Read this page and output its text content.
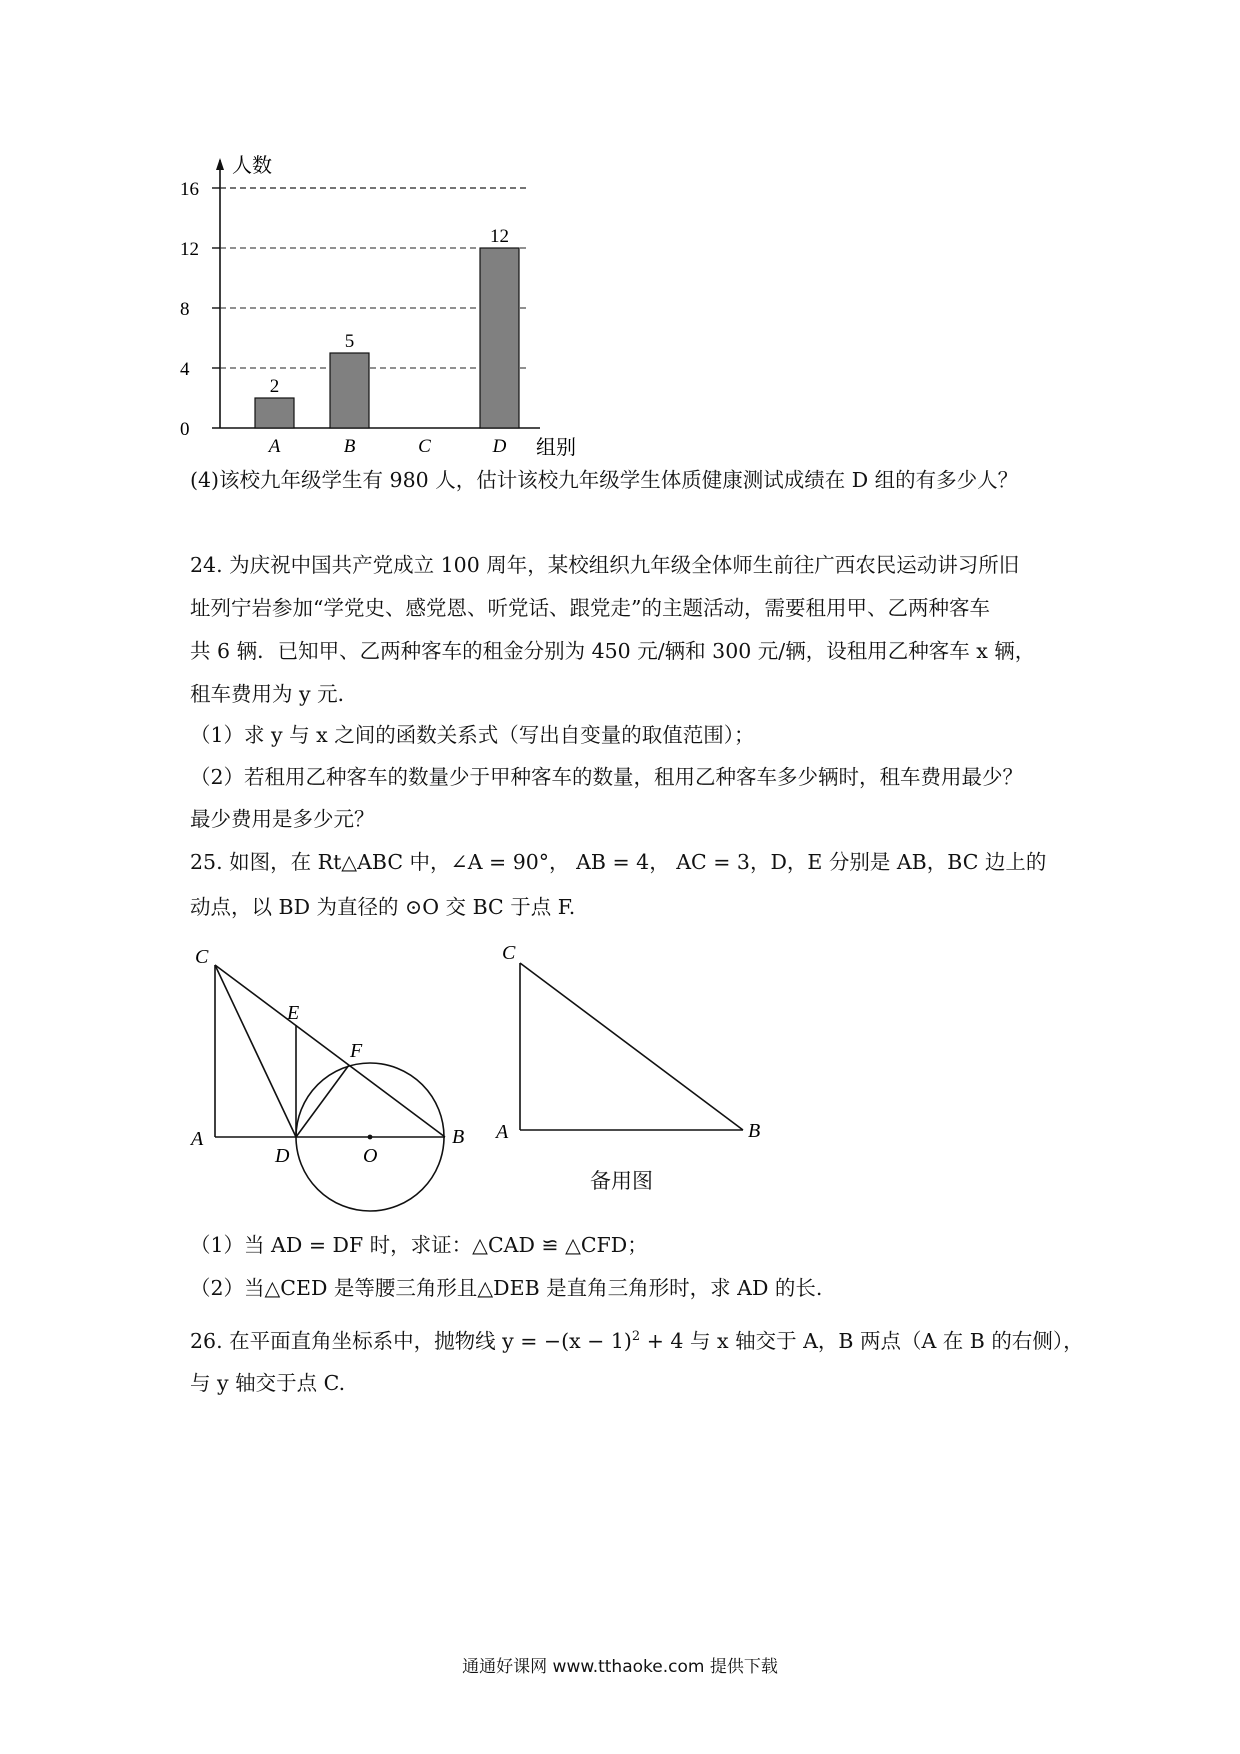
人数
组别
0
4
8
12
16
2
A
5
B	C
12
D
(4)该校九年级学生有 980 人，估计该校九年级学生体质健康测试成绩在 D 组的有多少人？
24. 为庆祝中国共产党成立 100 周年，某校组织九年级全体师生前往广西农民运动讲习所旧
址列宁岩参加“学党史、感党恩、听党话、跟党走”的主题活动，需要租用甲、乙两种客车
共 6 辆．已知甲、乙两种客车的租金分别为 450 元/辆和 300 元/辆，设租用乙种客车 x 辆，
租车费用为 y 元．
（1）求 y 与 x 之间的函数关系式（写出自变量的取值范围）；
（2）若租用乙种客车的数量少于甲种客车的数量，租用乙种客车多少辆时，租车费用最少？
最少费用是多少元？
25. 如图，在 Rt△ABC 中，∠A = 90°， AB = 4， AC = 3，D，E 分别是 AB，BC 边上的
动点，以 BD 为直径的 ⊙O 交 BC 于点 F.
C
E
F
A
D	O
B
C
A	B
备用图
（1）当 AD = DF 时，求证：△CAD ≌ △CFD；
（2）当△CED 是等腰三角形且△DEB 是直角三角形时，求 AD 的长.
26. 在平面直角坐标系中，抛物线 $y = -(x - 1)^2 + 4$ 与 x 轴交于 A，B 两点（A 在 B 的右侧），
与 y 轴交于点 C.
通通好课网 www.tthaoke.com 提供下载
